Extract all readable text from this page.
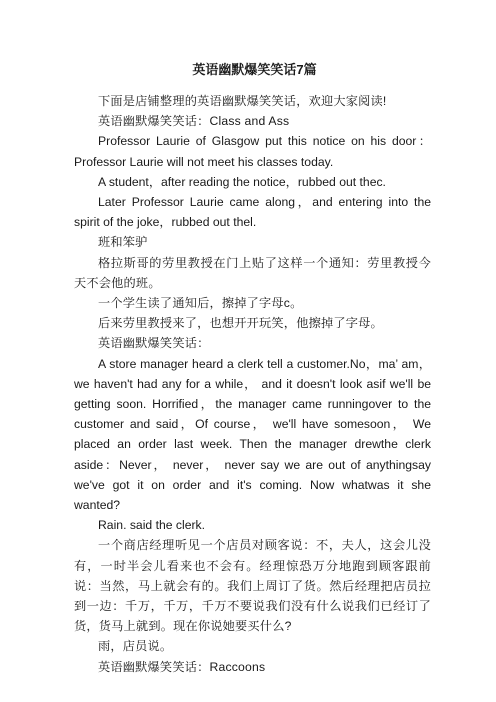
英语幽默爆笑笑话7篇

下面是店铺整理的英语幽默爆笑笑话，欢迎大家阅读!

英语幽默爆笑笑话：Class and Ass

Professor Laurie of Glasgow put this notice on his door：Professor Laurie will not meet his classes today.

A student，after reading the notice，rubbed out thec.

Later Professor Laurie came along，and entering into the spirit of the joke，rubbed out thel.

班和笨驴

格拉斯哥的劳里教授在门上贴了这样一个通知：劳里教授今天不会他的班。

一个学生读了通知后，擦掉了字母c。

后来劳里教授来了，也想开开玩笑，他擦掉了字母。

英语幽默爆笑笑话：

A store manager heard a clerk tell a customer.No，ma’ am，we haven't had any for a while， and it doesn't look asif we'll be getting soon. Horrified，the manager came runningover to the customer and said，Of course， we'll have somesoon， We placed an order last week. Then the manager drewthe clerk aside：Never， never， never say we are out of anythingsay we've got it on order and it's coming. Now whatwas it she wanted?

Rain. said the clerk.

一个商店经理听见一个店员对顾客说：不，夫人，这会儿没有，一时半会儿看来也不会有。经理惊恐万分地跑到顾客跟前说：当然，马上就会有的。我们上周订了货。然后经理把店员拉到一边：千万，千万，千万不要说我们没有什么说我们已经订了货，货马上就到。现在你说她要买什么?

雨，店员说。

英语幽默爆笑笑话：Raccoons
